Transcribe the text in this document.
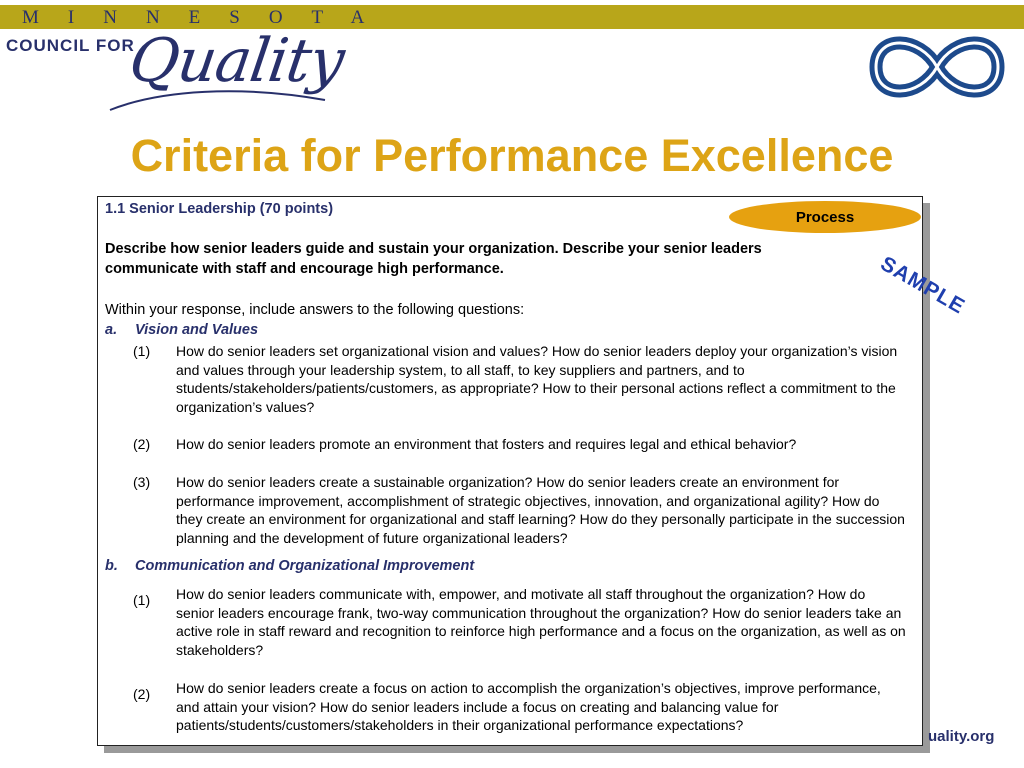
MINNESOTA
COUNCIL FOR
Quality
Criteria for Performance Excellence
Process
SAMPLE
1.1 Senior Leadership (70 points)
Describe how senior leaders guide and sustain your organization. Describe your senior leaders communicate with staff and encourage high performance.
Within your response, include answers to the following questions:
a. Vision and Values
(1) How do senior leaders set organizational vision and values? How do senior leaders deploy your organization’s vision and values through your leadership system, to all staff, to key suppliers and partners, and to students/stakeholders/patients/customers, as appropriate? How to their personal actions reflect a commitment to the organization’s values?
(2) How do senior leaders promote an environment that fosters and requires legal and ethical behavior?
(3) How do senior leaders create a sustainable organization? How do senior leaders create an environment for performance improvement, accomplishment of strategic objectives, innovation, and organizational agility? How do they create an environment for organizational and staff learning? How do they personally participate in the succession planning and the development of future organizational leaders?
b. Communication and Organizational Improvement
(1) How do senior leaders communicate with, empower, and motivate all staff throughout the organization? How do senior leaders encourage frank, two-way communication throughout the organization? How do senior leaders take an active role in staff reward and recognition to reinforce high performance and a focus on the organization, as well as on stakeholders?
(2) How do senior leaders create a focus on action to accomplish the organization’s objectives, improve performance, and attain your vision? How do senior leaders include a focus on creating and balancing value for patients/students/customers/stakeholders in their organizational performance expectations?
uality.org
